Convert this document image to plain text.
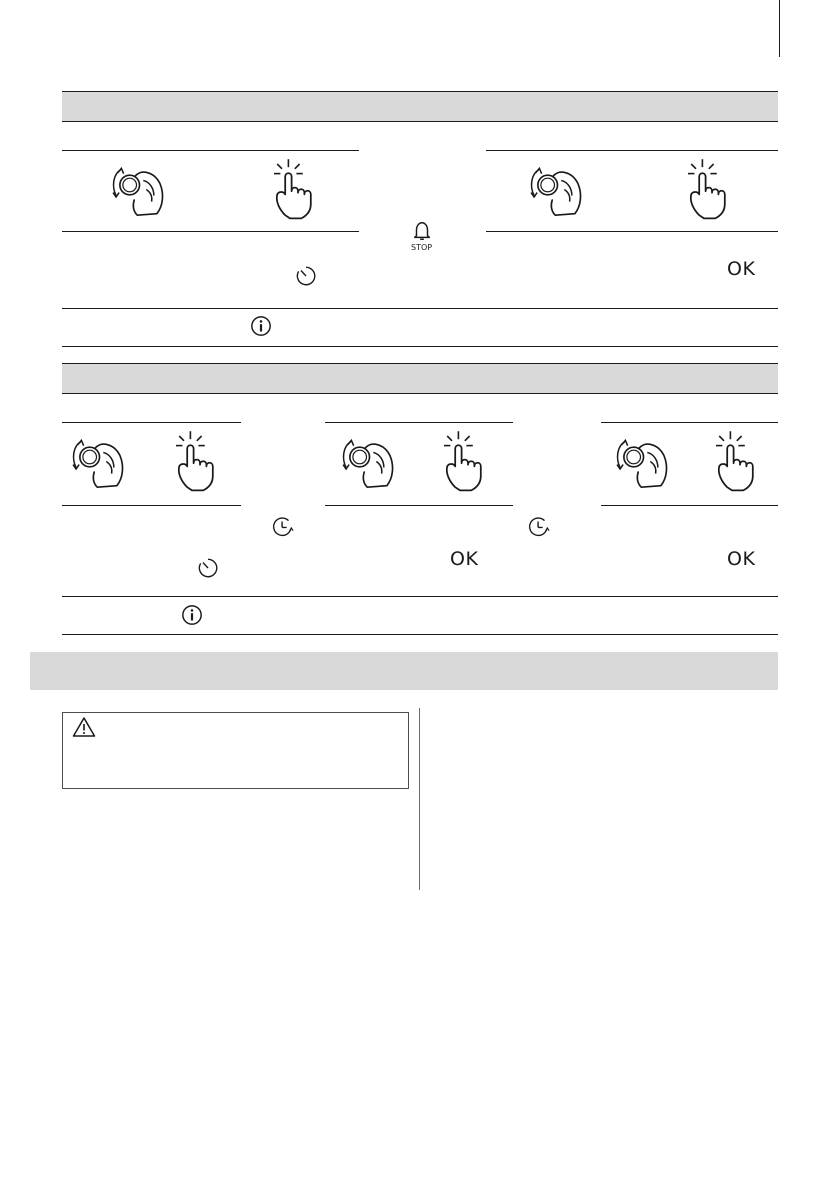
STOP
OK
OK	OK
